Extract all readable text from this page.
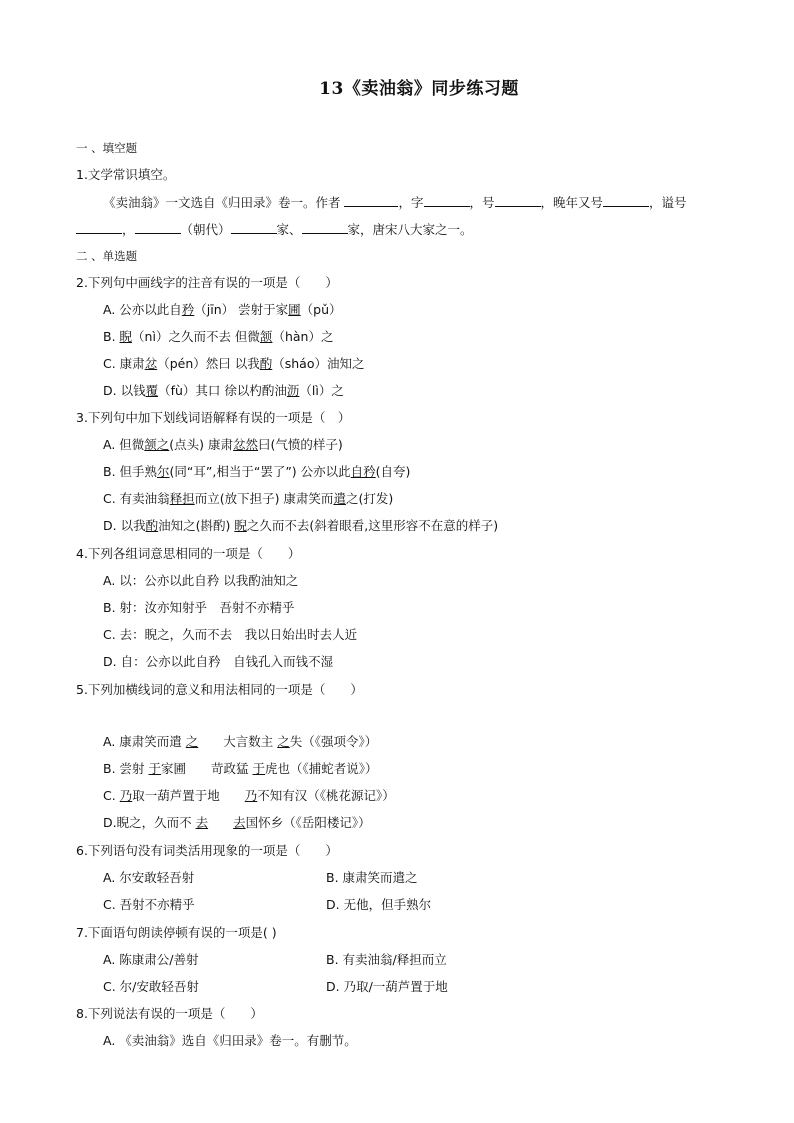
13《卖油翁》同步练习题
一 、填空题
1.文学常识填空。
《卖油翁》一文选自《归田录》卷一。作者	，字	，号	，晚年又号	，谥号
，	（朝代）	家、	家，唐宋八大家之一。
二 、单选题
2.下列句中画线字的注音有误的一项是（　　）
A. 公亦以此自矜（jīn） 尝射于家圃（pǔ）
B. 睨（nì）之久而不去 但微颔（hàn）之
C. 康肃忿（pén）然曰 以我酌（sháo）油知之
D. 以钱覆（fù）其口 徐以杓酌油沥（lì）之
3.下列句中加下划线词语解释有误的一项是（　）
A. 但微颔之(点头) 康肃忿然曰(气愤的样子)
B. 但手熟尔(同“耳”,相当于“罢了”) 公亦以此自矜(自夸)
C. 有卖油翁释担而立(放下担子) 康肃笑而遣之(打发)
D. 以我酌油知之(斟酌) 睨之久而不去(斜着眼看,这里形容不在意的样子)
4.下列各组词意思相同的一项是（　　）
A. 以：公亦以此自矜 以我酌油知之
B. 射：汝亦知射乎　吾射不亦精乎
C. 去：睨之，久而不去　我以日始出时去人近
D. 自：公亦以此自矜　自钱孔入而钱不湿
5.下列加横线词的意义和用法相同的一项是（　　）
A. 康肃笑而遣 之　　大言数主 之失（《强项令》）
B. 尝射 于家圃　　苛政猛 于虎也（《捕蛇者说》）
C. 乃取一葫芦置于地　　乃不知有汉（《桃花源记》）
D.睨之，久而不 去　　 去国怀乡（《岳阳楼记》）
6.下列语句没有词类活用现象的一项是（　　）
A. 尔安敢轻吾射	B. 康肃笑而遣之
C. 吾射不亦精乎	D. 无他，但手熟尔
7.下面语句朗读停顿有误的一项是( )
A. 陈康肃公/善射	B. 有卖油翁/释担而立
C. 尔/安敢轻吾射	D. 乃取/一葫芦置于地
8.下列说法有误的一项是（　　）
A. 《卖油翁》选自《归田录》卷一。有删节。
